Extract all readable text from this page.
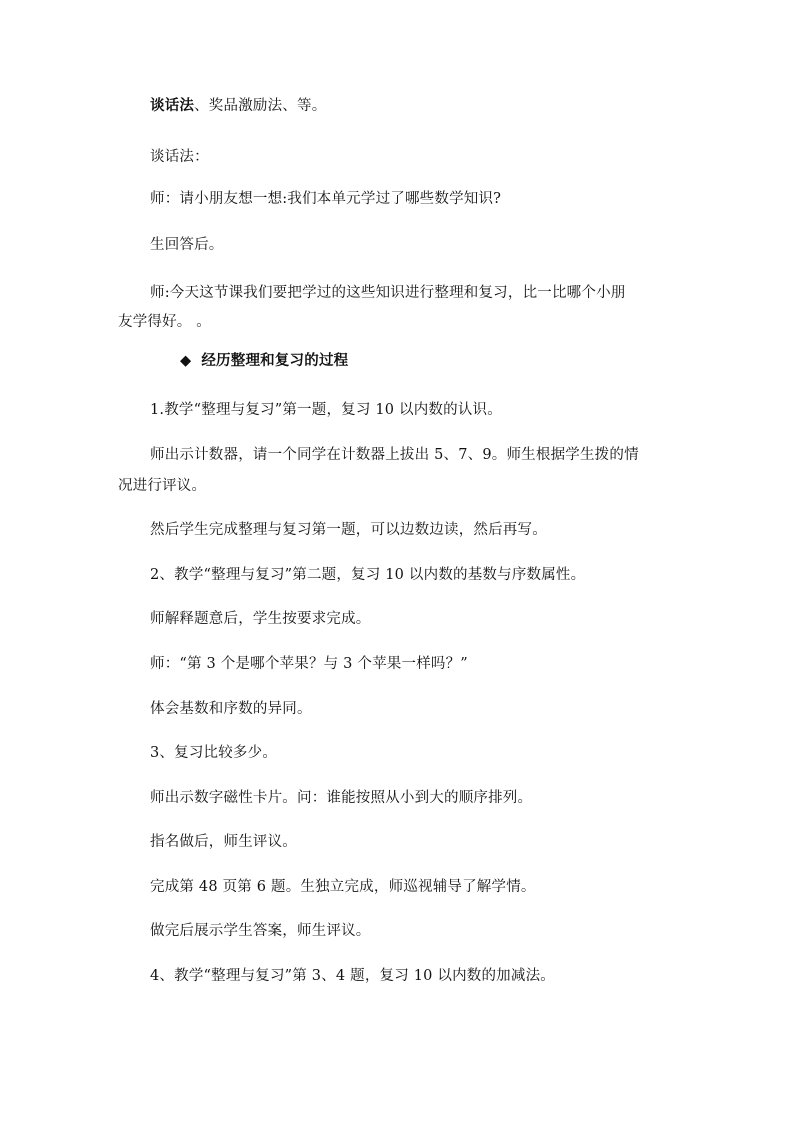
谈话法、奖品激励法、等。
谈话法：
师：请小朋友想一想:我们本单元学过了哪些数学知识?
生回答后。
师:今天这节课我们要把学过的这些知识进行整理和复习，比一比哪个小朋
友学得好。 。
◆ 经历整理和复习的过程
1.教学“整理与复习”第一题，复习 10 以内数的认识。
师出示计数器，请一个同学在计数器上拔出 5、7、9。师生根据学生拨的情
况进行评议。
然后学生完成整理与复习第一题，可以边数边读，然后再写。
2、教学“整理与复习”第二题，复习 10 以内数的基数与序数属性。
师解释题意后，学生按要求完成。
师：“第 3 个是哪个苹果？与 3 个苹果一样吗？”
体会基数和序数的异同。
3、复习比较多少。
师出示数字磁性卡片。问：谁能按照从小到大的顺序排列。
指名做后，师生评议。
完成第 48 页第 6 题。生独立完成，师巡视辅导了解学情。
做完后展示学生答案，师生评议。
4、教学“整理与复习”第 3、4 题，复习 10 以内数的加减法。
